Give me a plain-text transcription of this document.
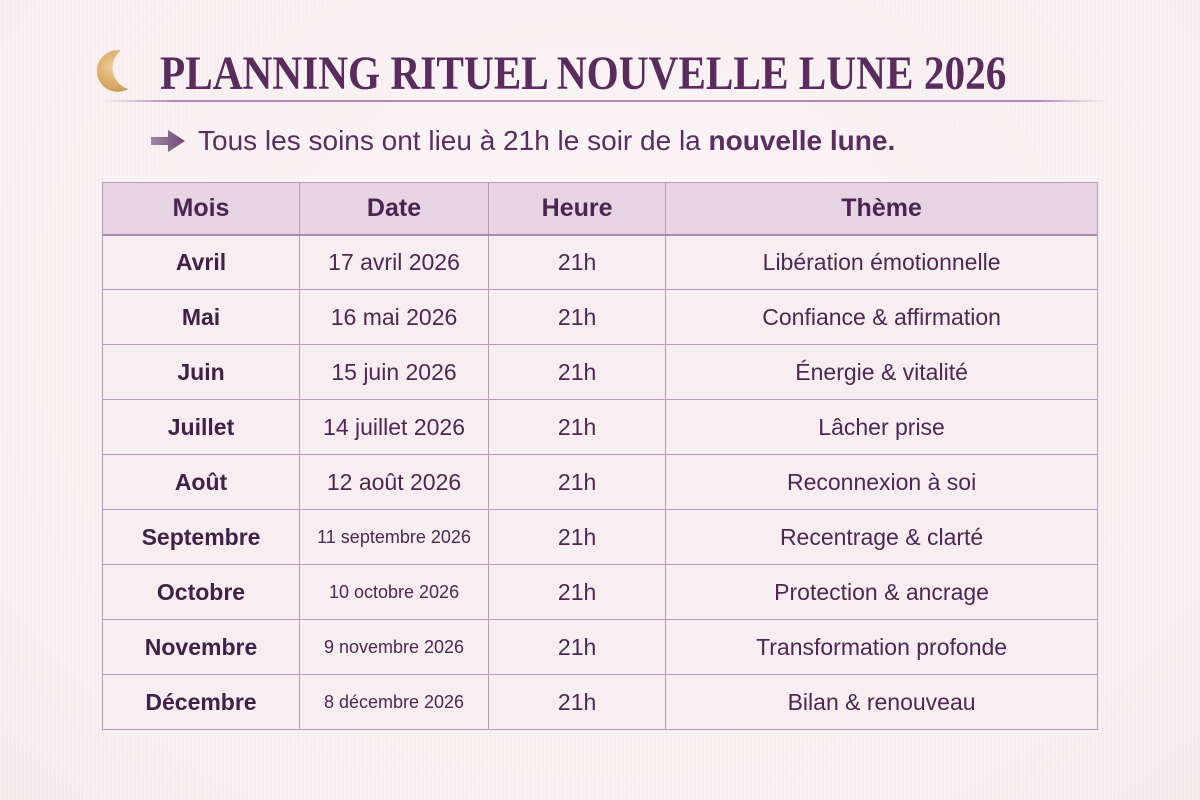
PLANNING RITUEL NOUVELLE LUNE 2026
Tous les soins ont lieu à 21h le soir de la nouvelle lune.
Mois	Date	Heure	Thème
Avril	17 avril 2026	21h	Libération émotionnelle
Mai	16 mai 2026	21h	Confiance & affirmation
Juin	15 juin 2026	21h	Énergie & vitalité
Juillet	14 juillet 2026	21h	Lâcher prise
Août	12 août 2026	21h	Reconnexion à soi
Septembre	11 septembre 2026	21h	Recentrage & clarté
Octobre	10 octobre 2026	21h	Protection & ancrage
Novembre	9 novembre 2026	21h	Transformation profonde
Décembre	8 décembre 2026	21h	Bilan & renouveau
